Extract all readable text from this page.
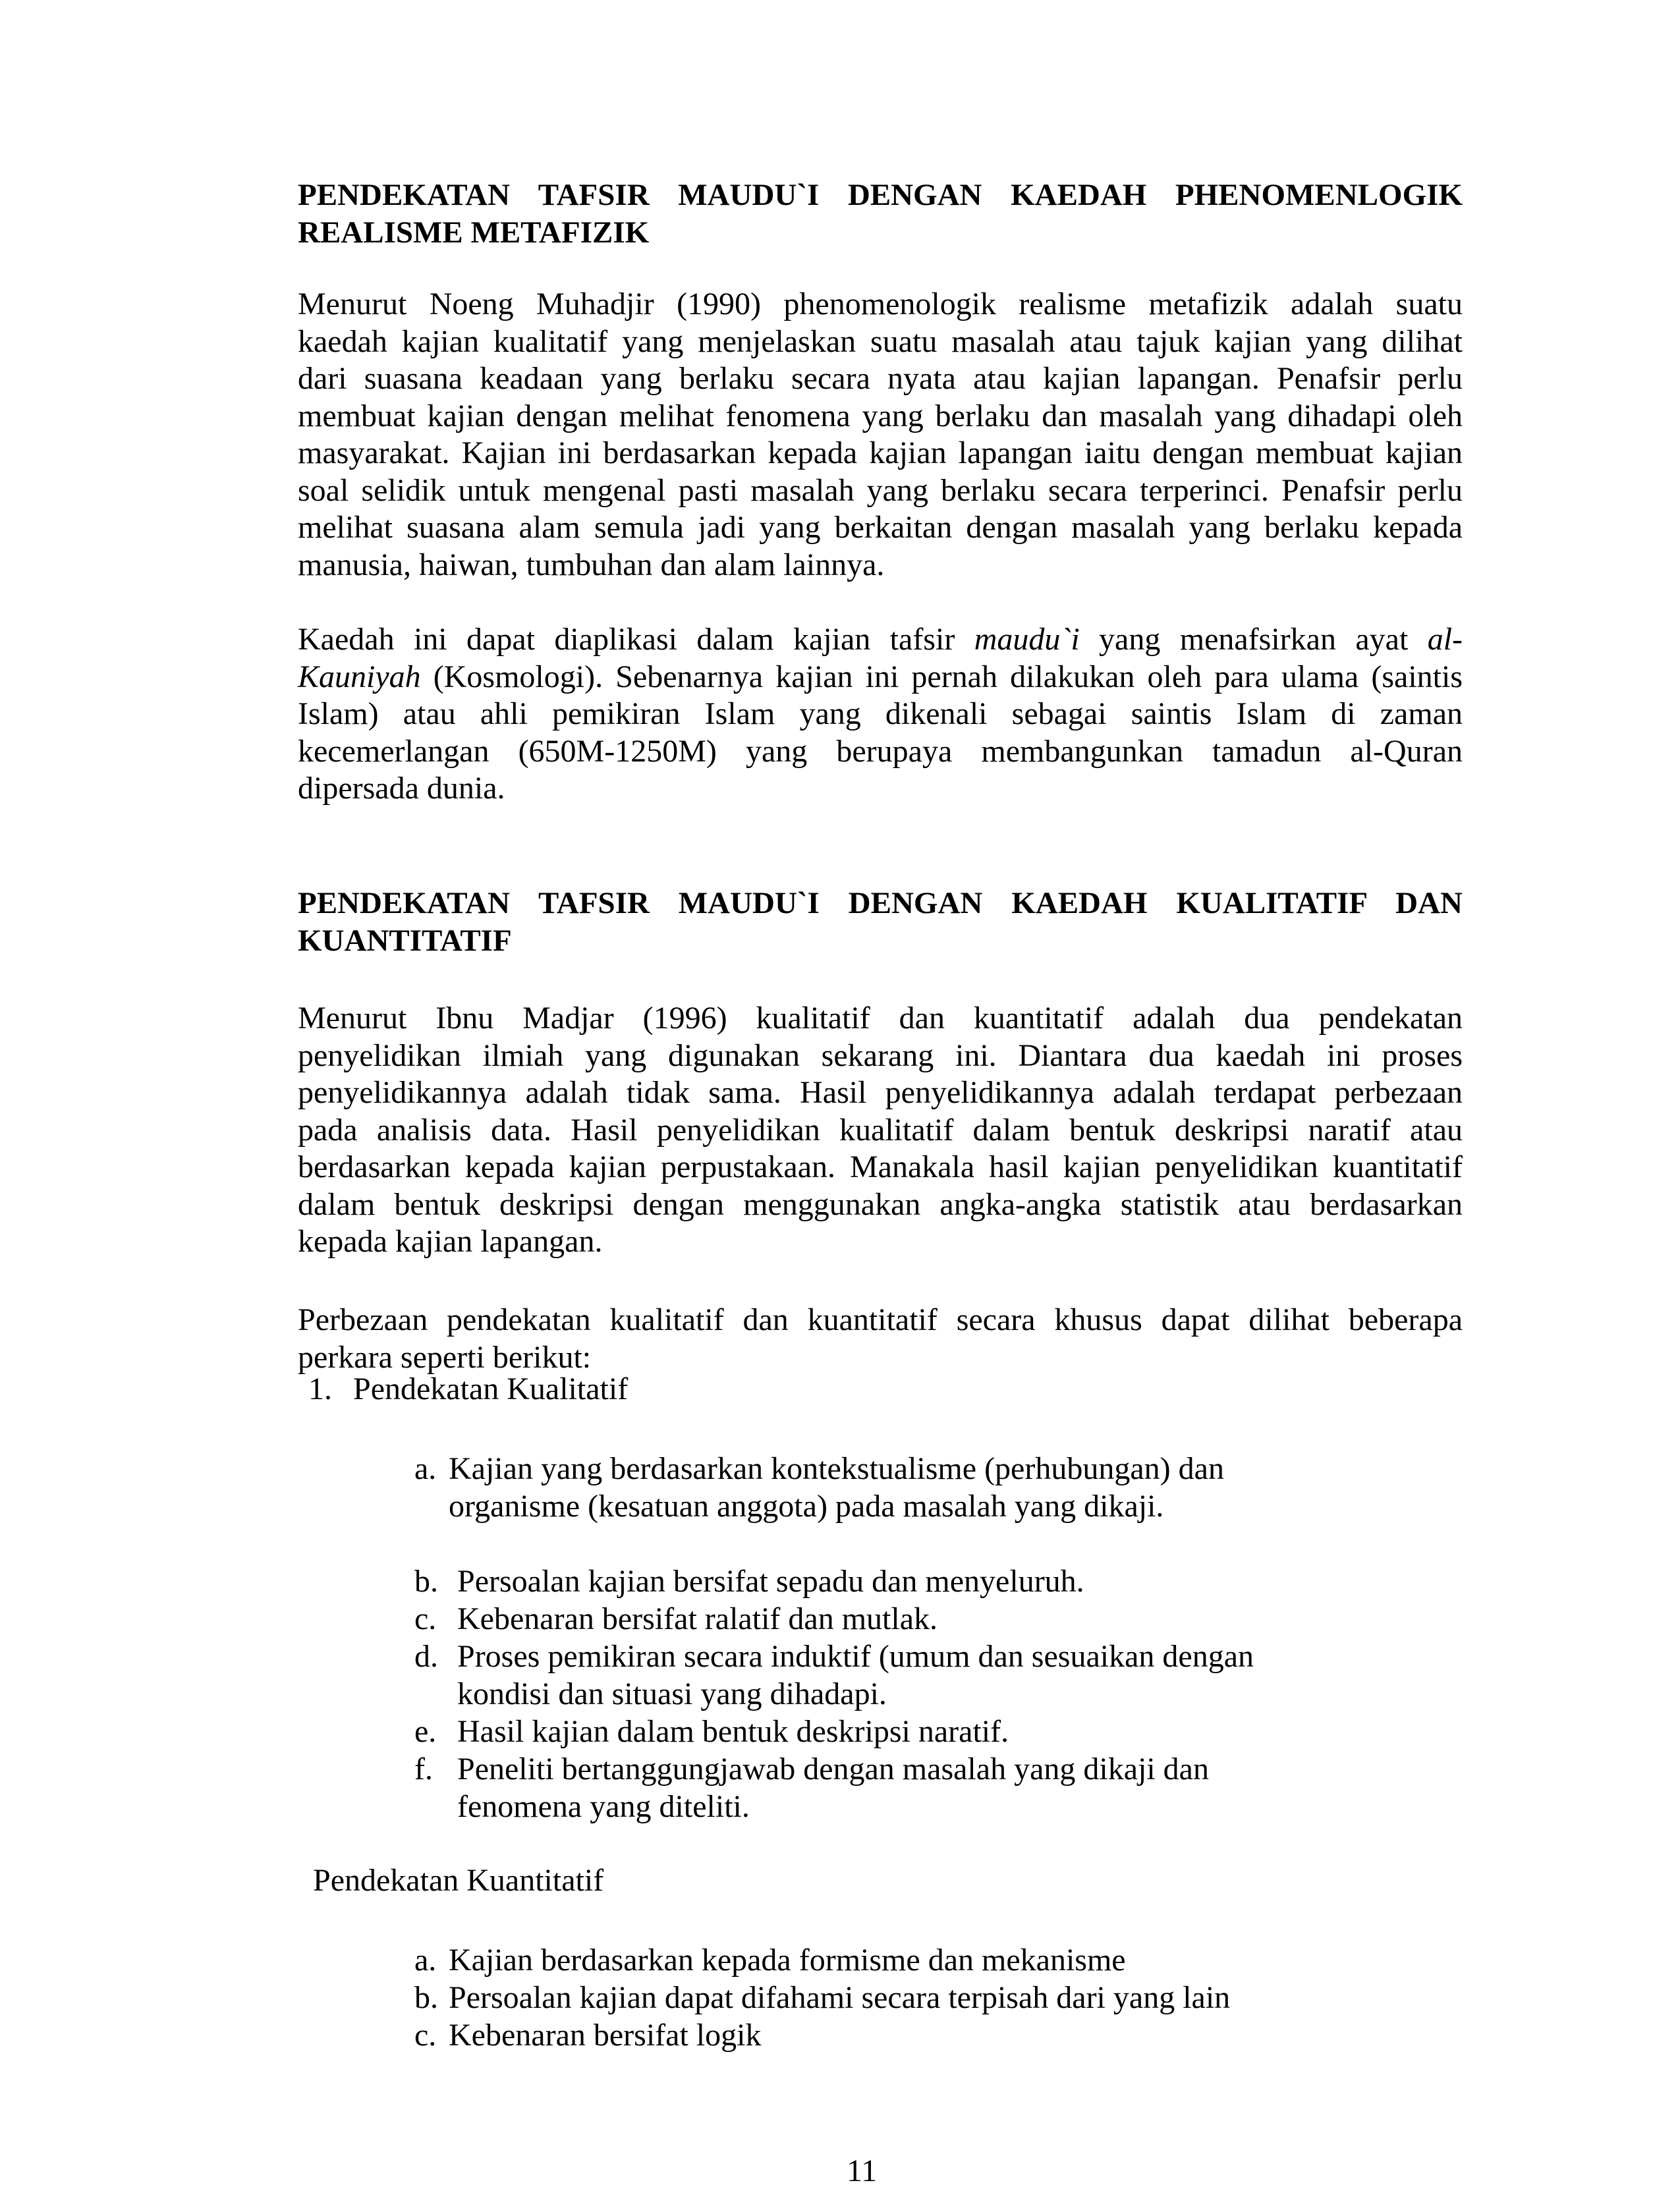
PENDEKATAN TAFSIR MAUDU`I DENGAN KAEDAH PHENOMENLOGIK
REALISME METAFIZIK
Menurut Noeng Muhadjir (1990) phenomenologik realisme metafizik adalah suatu
kaedah kajian kualitatif yang menjelaskan suatu masalah atau tajuk kajian yang dilihat
dari suasana keadaan yang berlaku secara nyata atau kajian lapangan. Penafsir perlu
membuat kajian dengan melihat fenomena yang berlaku dan masalah yang dihadapi oleh
masyarakat. Kajian ini berdasarkan kepada kajian lapangan iaitu dengan membuat kajian
soal selidik untuk mengenal pasti masalah yang berlaku secara terperinci. Penafsir perlu
melihat suasana alam semula jadi yang berkaitan dengan masalah yang berlaku kepada
manusia, haiwan, tumbuhan dan alam lainnya.
Kaedah ini dapat diaplikasi dalam kajian tafsir maudu`i yang menafsirkan ayat al-
Kauniyah (Kosmologi). Sebenarnya kajian ini pernah dilakukan oleh para ulama (saintis
Islam) atau ahli pemikiran Islam yang dikenali sebagai saintis Islam di zaman
kecemerlangan (650M-1250M) yang berupaya membangunkan tamadun al-Quran
dipersada dunia.
PENDEKATAN TAFSIR MAUDU`I DENGAN KAEDAH KUALITATIF DAN
KUANTITATIF
Menurut Ibnu Madjar (1996) kualitatif dan kuantitatif adalah dua pendekatan
penyelidikan ilmiah yang digunakan sekarang ini. Diantara dua kaedah ini proses
penyelidikannya adalah tidak sama. Hasil penyelidikannya adalah terdapat perbezaan
pada analisis data. Hasil penyelidikan kualitatif dalam bentuk deskripsi naratif atau
berdasarkan kepada kajian perpustakaan. Manakala hasil kajian penyelidikan kuantitatif
dalam bentuk deskripsi dengan menggunakan angka-angka statistik atau berdasarkan
kepada kajian lapangan.
Perbezaan pendekatan kualitatif dan kuantitatif secara khusus dapat dilihat beberapa
perkara seperti berikut:
1. Pendekatan Kualitatif
a. Kajian yang berdasarkan kontekstualisme (perhubungan) dan
organisme (kesatuan anggota) pada masalah yang dikaji.
b. Persoalan kajian bersifat sepadu dan menyeluruh.
c. Kebenaran bersifat ralatif dan mutlak.
d. Proses pemikiran secara induktif (umum dan sesuaikan dengan
kondisi dan situasi yang dihadapi.
e. Hasil kajian dalam bentuk deskripsi naratif.
f. Peneliti bertanggungjawab dengan masalah yang dikaji dan
fenomena yang diteliti.
Pendekatan Kuantitatif
a. Kajian berdasarkan kepada formisme dan mekanisme
b. Persoalan kajian dapat difahami secara terpisah dari yang lain
c. Kebenaran bersifat logik
11
